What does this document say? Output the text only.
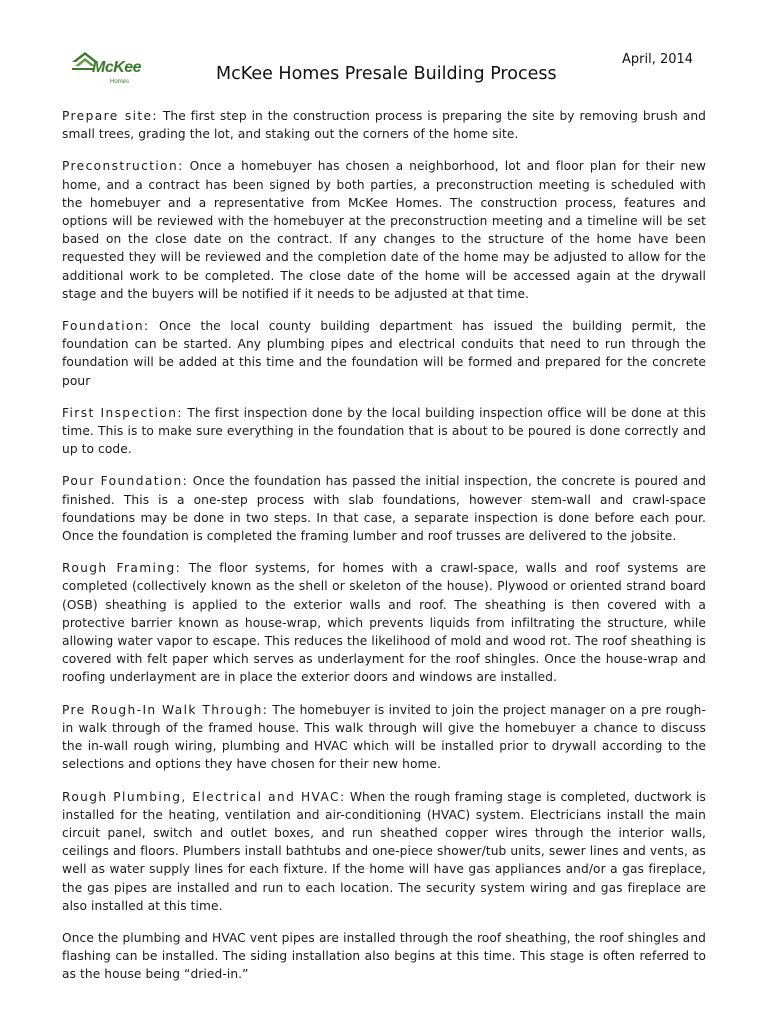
McKee
Homes	McKee Homes Presale Building Process
April, 2014

Prepare site: The first step in the construction process is preparing the site by removing brush and small trees, grading the lot, and staking out the corners of the home site.

Preconstruction: Once a homebuyer has chosen a neighborhood, lot and floor plan for their new home, and a contract has been signed by both parties, a preconstruction meeting is scheduled with the homebuyer and a representative from McKee Homes. The construction process, features and options will be reviewed with the homebuyer at the preconstruction meeting and a timeline will be set based on the close date on the contract. If any changes to the structure of the home have been requested they will be reviewed and the completion date of the home may be adjusted to allow for the additional work to be completed. The close date of the home will be accessed again at the drywall stage and the buyers will be notified if it needs to be adjusted at that time.

Foundation: Once the local county building department has issued the building permit, the foundation can be started. Any plumbing pipes and electrical conduits that need to run through the foundation will be added at this time and the foundation will be formed and prepared for the concrete pour

First Inspection: The first inspection done by the local building inspection office will be done at this time. This is to make sure everything in the foundation that is about to be poured is done correctly and up to code.

Pour Foundation: Once the foundation has passed the initial inspection, the concrete is poured and finished. This is a one-step process with slab foundations, however stem-wall and crawl-space foundations may be done in two steps. In that case, a separate inspection is done before each pour. Once the foundation is completed the framing lumber and roof trusses are delivered to the jobsite.

Rough Framing: The floor systems, for homes with a crawl-space, walls and roof systems are completed (collectively known as the shell or skeleton of the house). Plywood or oriented strand board (OSB) sheathing is applied to the exterior walls and roof. The sheathing is then covered with a protective barrier known as house-wrap, which prevents liquids from infiltrating the structure, while allowing water vapor to escape. This reduces the likelihood of mold and wood rot. The roof sheathing is covered with felt paper which serves as underlayment for the roof shingles. Once the house-wrap and roofing underlayment are in place the exterior doors and windows are installed.

Pre Rough-In Walk Through: The homebuyer is invited to join the project manager on a pre rough-in walk through of the framed house. This walk through will give the homebuyer a chance to discuss the in-wall rough wiring, plumbing and HVAC which will be installed prior to drywall according to the selections and options they have chosen for their new home.

Rough Plumbing, Electrical and HVAC: When the rough framing stage is completed, ductwork is installed for the heating, ventilation and air-conditioning (HVAC) system. Electricians install the main circuit panel, switch and outlet boxes, and run sheathed copper wires through the interior walls, ceilings and floors. Plumbers install bathtubs and one-piece shower/tub units, sewer lines and vents, as well as water supply lines for each fixture. If the home will have gas appliances and/or a gas fireplace, the gas pipes are installed and run to each location. The security system wiring and gas fireplace are also installed at this time.

Once the plumbing and HVAC vent pipes are installed through the roof sheathing, the roof shingles and flashing can be installed. The siding installation also begins at this time. This stage is often referred to as the house being “dried-in.”
